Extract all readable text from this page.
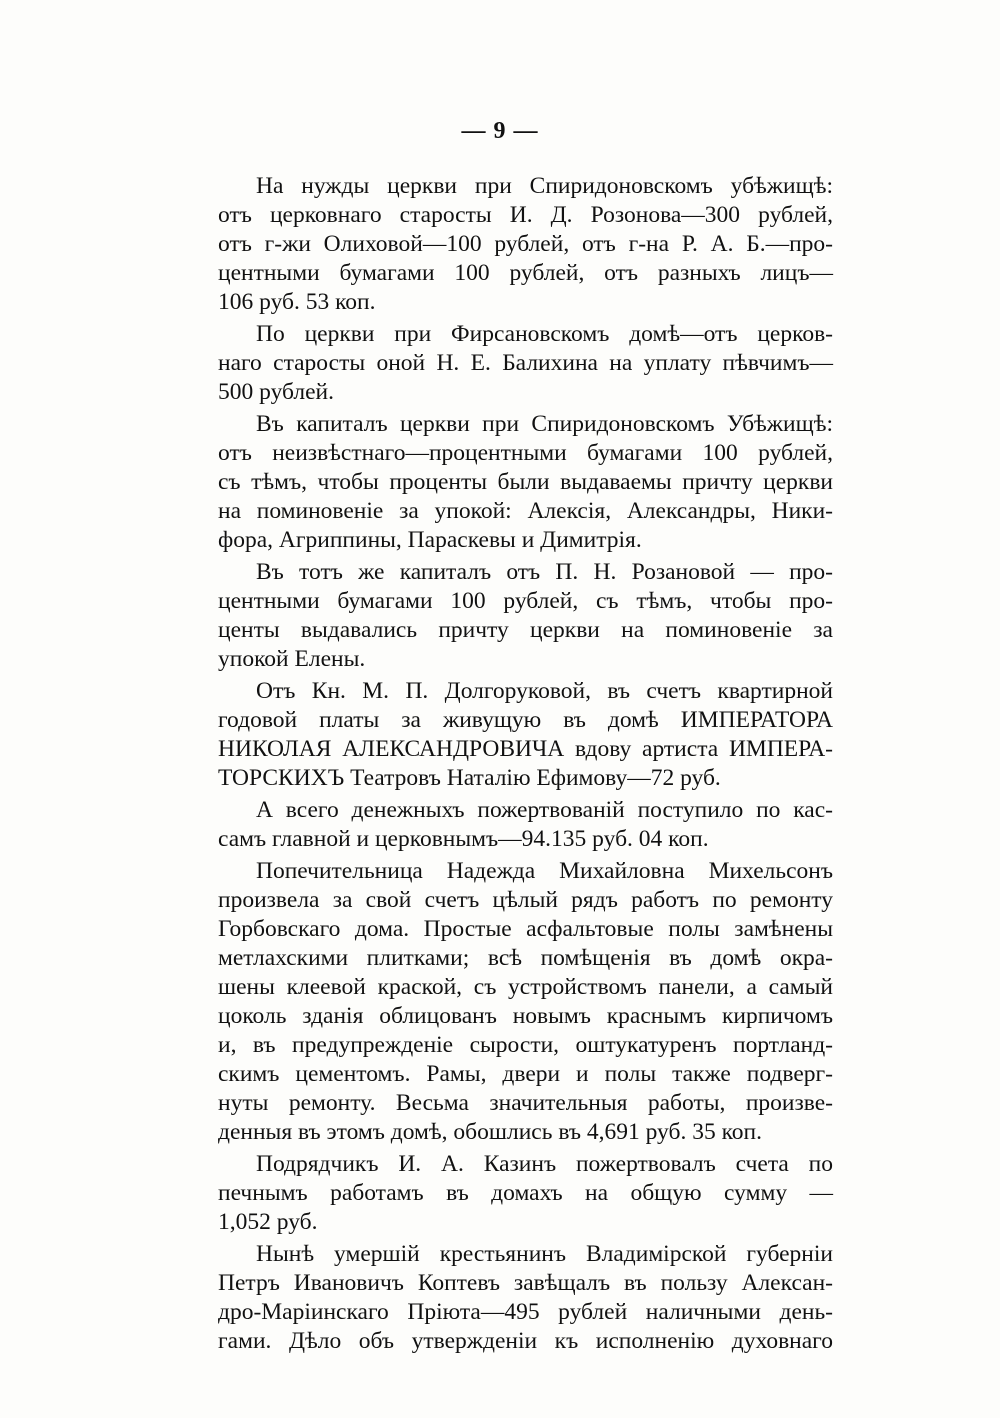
— 9 —
На нужды церкви при Спиридоновскомъ убѣжищѣ:
отъ церковнаго старосты И. Д. Розонова—300 рублей,
отъ г-жи Олиховой—100 рублей, отъ г-на Р. А. Б.—про-
центными бумагами 100 рублей, отъ разныхъ лицъ—
106 руб. 53 коп.
По церкви при Фирсановскомъ домѣ—отъ церков-
наго старосты оной Н. Е. Балихина на уплату пѣвчимъ—
500 рублей.
Въ капиталъ церкви при Спиридоновскомъ Убѣжищѣ:
отъ неизвѣстнаго—процентными бумагами 100 рублей,
съ тѣмъ, чтобы проценты были выдаваемы причту церкви
на поминовеніе за упокой: Алексія, Александры, Ники-
фора, Агриппины, Параскевы и Димитрія.
Въ тотъ же капиталъ отъ П. Н. Розановой — про-
центными бумагами 100 рублей, съ тѣмъ, чтобы про-
центы выдавались причту церкви на поминовеніе за
упокой Елены.
Отъ Кн. М. П. Долгоруковой, въ счетъ квартирной
годовой платы за живущую въ домѣ ИМПЕРАТОРА
НИКОЛАЯ АЛЕКСАНДРОВИЧА вдову артиста ИМПЕРА-
ТОРСКИХЪ Театровъ Наталію Ефимову—72 руб.
А всего денежныхъ пожертвованій поступило по кас-
самъ главной и церковнымъ—94.135 руб. 04 коп.
Попечительница Надежда Михайловна Михельсонъ
произвела за свой счетъ цѣлый рядъ работъ по ремонту
Горбовскаго дома. Простые асфальтовые полы замѣнены
метлахскими плитками; всѣ помѣщенія въ домѣ окра-
шены клеевой краской, съ устройствомъ панели, а самый
цоколь зданія облицованъ новымъ краснымъ кирпичомъ
и, въ предупрежденіе сырости, оштукатуренъ портланд-
скимъ цементомъ. Рамы, двери и полы также подверг-
нуты ремонту. Весьма значительныя работы, произве-
денныя въ этомъ домѣ, обошлись въ 4,691 руб. 35 коп.
Подрядчикъ И. А. Казинъ пожертвовалъ счета по
печнымъ работамъ въ домахъ на общую сумму —
1,052 руб.
Нынѣ умершій крестьянинъ Владимірской губерніи
Петръ Ивановичъ Коптевъ завѣщалъ въ пользу Алексан-
дро-Маріинскаго Пріюта—495 рублей наличными день-
гами. Дѣло объ утвержденіи къ исполненію духовнаго
